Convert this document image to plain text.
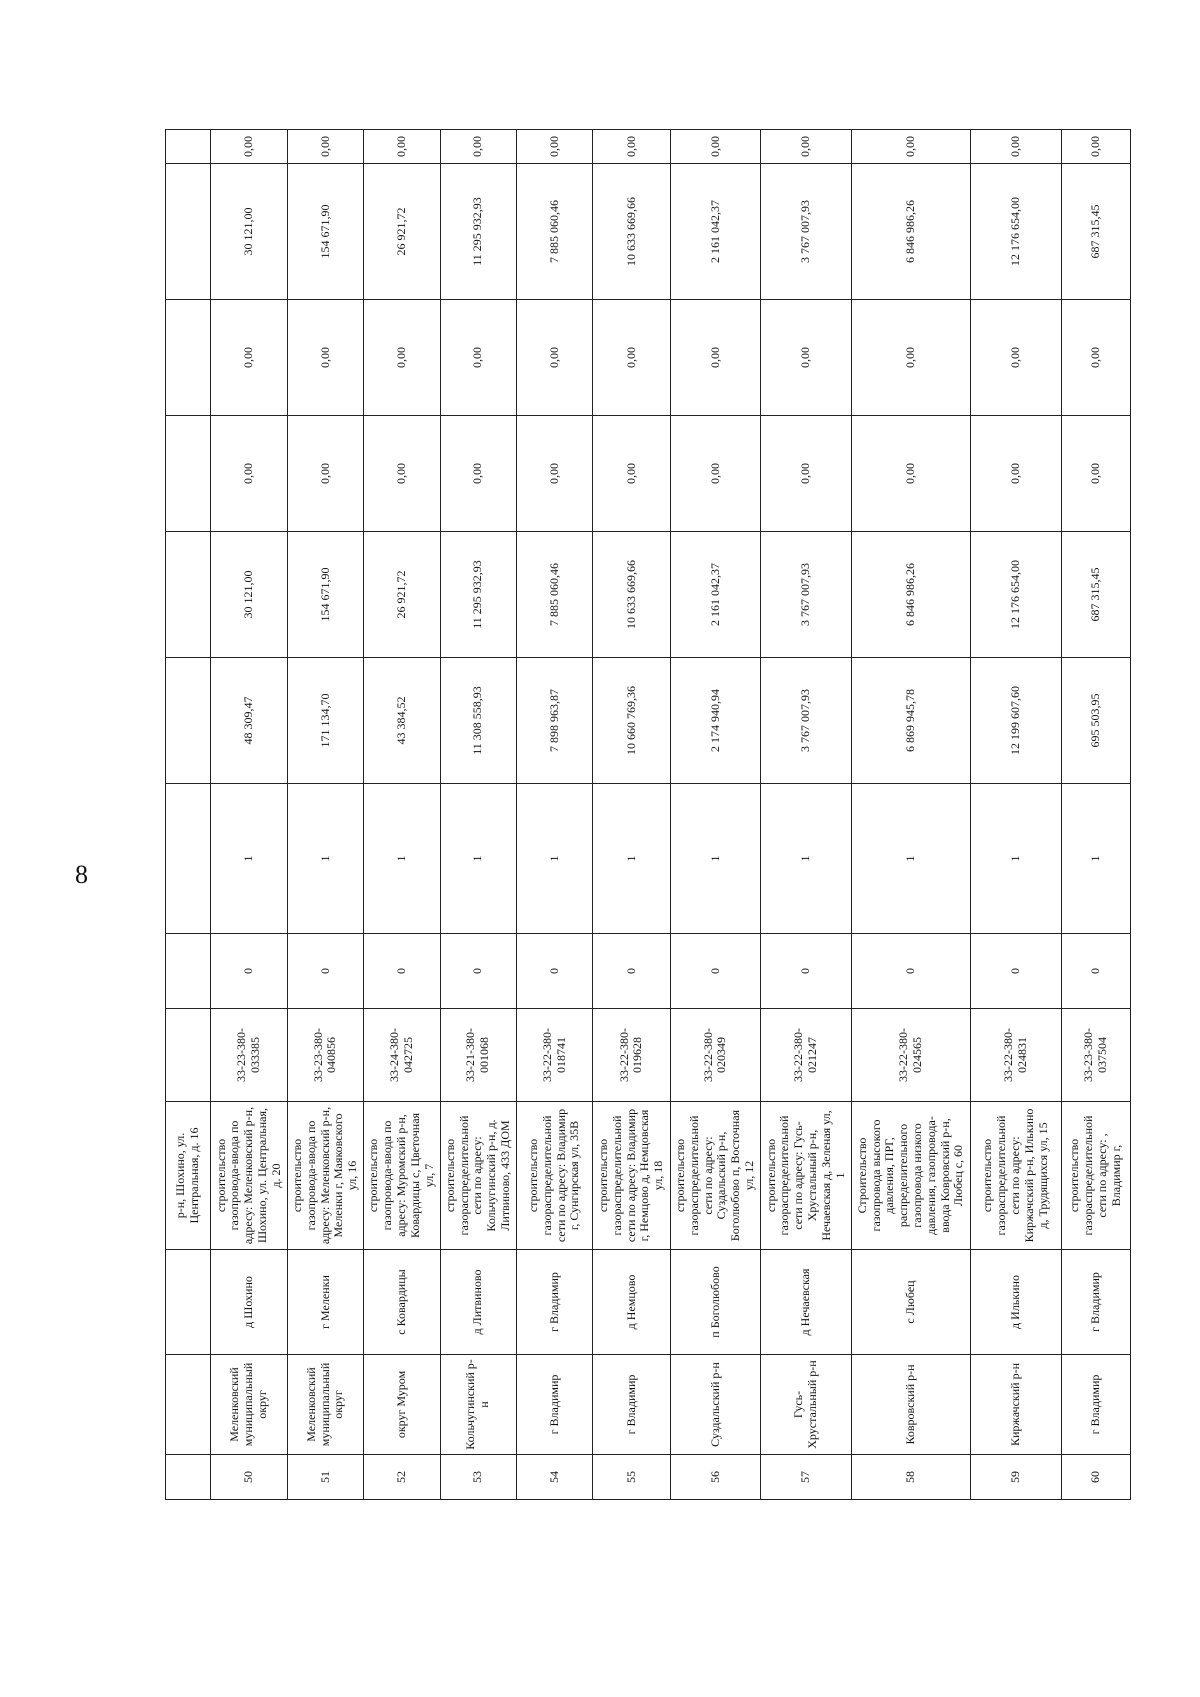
8
			р-н, Шохино, ул. Центральная, д. 16									
50	Меленковский муниципальный округ	д Шохино	строительство газопровода-ввода по адресу: Меленковский р-н, Шохино, ул. Центральная, д. 20	33-23-380-033385	0	1	48 309,47	30 121,00	0,00	0,00	30 121,00	0,00
51	Меленковский муниципальный округ	г Меленки	строительство газопровода-ввода по адресу: Меленковский р-н, Меленки г, Маяковского ул, 16	33-23-380-040856	0	1	171 134,70	154 671,90	0,00	0,00	154 671,90	0,00
52	округ Муром	с Ковардицы	строительство газопровода-ввода по адресу: Муромский р-н, Ковардицы с, Цветочная ул, 7	33-24-380-042725	0	1	43 384,52	26 921,72	0,00	0,00	26 921,72	0,00
53	Кольчугинский р-н	д Литвиново	строительство газораспределительной сети по адресу: Кольчугинский р-н, д. Литвиново, 433 ДОМ	33-21-380-001068	0	1	11 308 558,93	11 295 932,93	0,00	0,00	11 295 932,93	0,00
54	г Владимир	г Владимир	строительство газораспределительной сети по адресу: Владимир г, Сунгирская ул, 35В	33-22-380-018741	0	1	7 898 963,87	7 885 060,46	0,00	0,00	7 885 060,46	0,00
55	г Владимир	д Немцово	строительство газораспределительной сети по адресу: Владимир г, Немцово д, Немцовская ул, 18	33-22-380-019628	0	1	10 660 769,36	10 633 669,66	0,00	0,00	10 633 669,66	0,00
56	Суздальский р-н	п Боголюбово	строительство газораспределительной сети по адресу: Суздальский р-н, Боголюбово п, Восточная ул, 12	33-22-380-020349	0	1	2 174 940,94	2 161 042,37	0,00	0,00	2 161 042,37	0,00
57	Гусь-Хрустальный р-н	д Нечаевская	строительство газораспределительной сети по адресу: Гусь-Хрустальный р-н, Нечаевская д, Зеленая ул, 1	33-22-380-021247	0	1	3 767 007,93	3 767 007,93	0,00	0,00	3 767 007,93	0,00
58	Ковровский р-н	с Любец	Строительство газопровода высокого давления, ПРГ, распределительного газопровода низкого давления, газопровода-ввода Ковровский р-н, Любец с, 60	33-22-380-024565	0	1	6 869 945,78	6 846 986,26	0,00	0,00	6 846 986,26	0,00
59	Киржачский р-н	д Илькино	строительство газораспределительной сети по адресу: Киржачский р-н, Илькино д, Трудящихся ул, 15	33-22-380-024831	0	1	12 199 607,60	12 176 654,00	0,00	0,00	12 176 654,00	0,00
60	г Владимир	г Владимир	строительство газораспределительной сети по адресу: , Владимир г,	33-23-380-037504	0	1	695 503,95	687 315,45	0,00	0,00	687 315,45	0,00
